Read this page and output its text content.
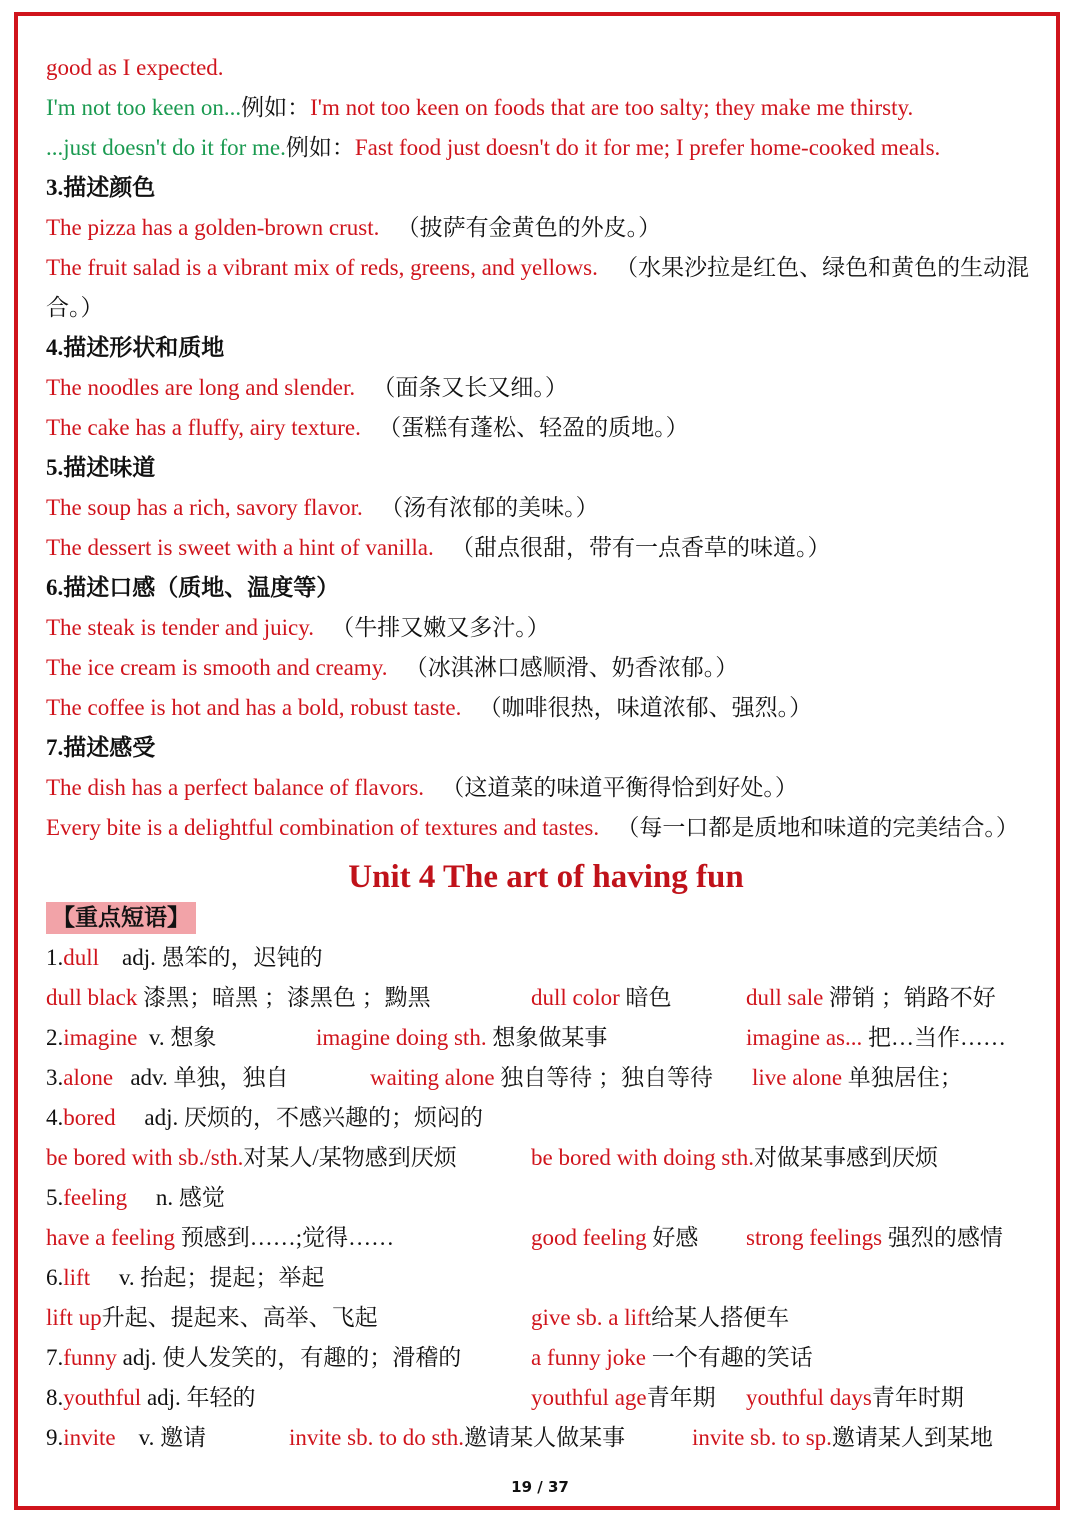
good as I expected.
I'm not too keen on...例如：I'm not too keen on foods that are too salty; they make me thirsty.
...just doesn't do it for me.例如：Fast food just doesn't do it for me; I prefer home-cooked meals.
3.描述颜色
The pizza has a golden-brown crust. （披萨有金黄色的外皮。）
The fruit salad is a vibrant mix of reds, greens, and yellows. （水果沙拉是红色、绿色和黄色的生动混合。）
4.描述形状和质地
The noodles are long and slender. （面条又长又细。）
The cake has a fluffy, airy texture. （蛋糕有蓬松、轻盈的质地。）
5.描述味道
The soup has a rich, savory flavor. （汤有浓郁的美味。）
The dessert is sweet with a hint of vanilla. （甜点很甜，带有一点香草的味道。）
6.描述口感（质地、温度等）
The steak is tender and juicy. （牛排又嫩又多汁。）
The ice cream is smooth and creamy. （冰淇淋口感顺滑、奶香浓郁。）
The coffee is hot and has a bold, robust taste. （咖啡很热，味道浓郁、强烈。）
7.描述感受
The dish has a perfect balance of flavors. （这道菜的味道平衡得恰到好处。）
Every bite is a delightful combination of textures and tastes. （每一口都是质地和味道的完美结合。）
Unit 4 The art of having fun
【重点短语】
1.dull adj. 愚笨的，迟钝的
dull black 漆黑；暗黑 ；漆黑色 ；黝黑	dull color 暗色	dull sale 滞销 ；销路不好
2.imagine v. 想象	imagine doing sth. 想象做某事	imagine as... 把…当作……
3.alone adv. 单独，独自	waiting alone 独自等待 ；独自等待 live alone 单独居住；
4.bored adj. 厌烦的，不感兴趣的；烦闷的
be bored with sb./sth.对某人/某物感到厌烦	be bored with doing sth.对做某事感到厌烦
5.feeling n. 感觉
have a feeling 预感到……;觉得……	good feeling 好感 strong feelings 强烈的感情
6.lift v. 抬起；提起；举起
lift up升起、提起来、高举、飞起	give sb. a lift给某人搭便车
7.funny adj. 使人发笑的，有趣的；滑稽的	a funny joke 一个有趣的笑话
8.youthful adj. 年轻的	youthful age青年期 youthful days青年时期
9.invite v. 邀请	invite sb. to do sth.邀请某人做某事	invite sb. to sp.邀请某人到某地
19 / 37
